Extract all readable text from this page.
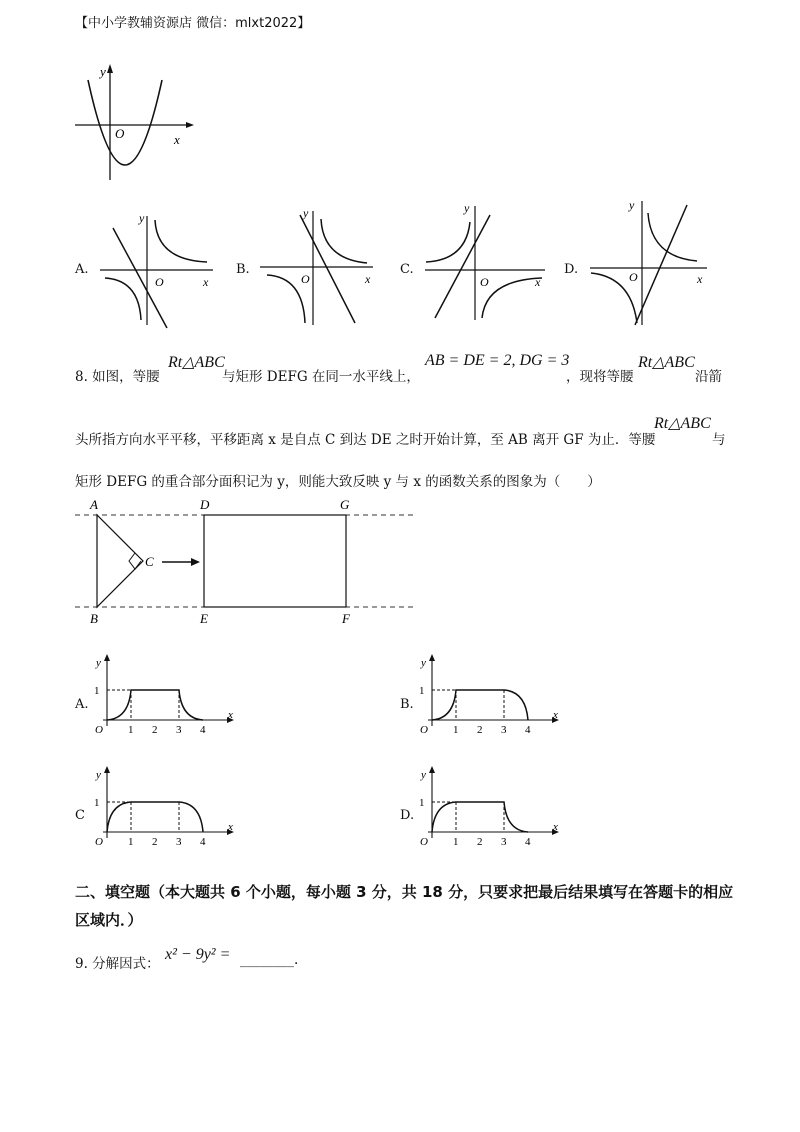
【中小学教辅资源店 微信：mlxt2022】
y
O	x
A.
y
O	x
B.
y
O	x
C.
y
O	x
D.
y
O	x
8. 如图，等腰
Rt△ABC
与矩形 DEFG 在同一水平线上，
AB = DE = 2, DG = 3
，现将等腰
Rt△ABC
沿箭
头所指方向水平平移，平移距离 x 是自点 C 到达 DE 之时开始计算，至 AB 离开 GF 为止．等腰
Rt△ABC
与
矩形 DEFG 的重合部分面积记为 y，则能大致反映 y 与 x 的函数关系的图象为（　　）
A
B
C
D
E	F
G
A.	B.
C	D.
y
1
O 1 2 3 4
x
y
1
O 1 2 3 4
x
y
1
O 1 2 3 4
x
y
1
O 1 2 3 4
x
二、填空题（本大题共 6 个小题，每小题 3 分，共 18 分，只要求把最后结果填写在答题卡的相应区域内．）
9. 分解因式：
x² − 9y² = ________.
